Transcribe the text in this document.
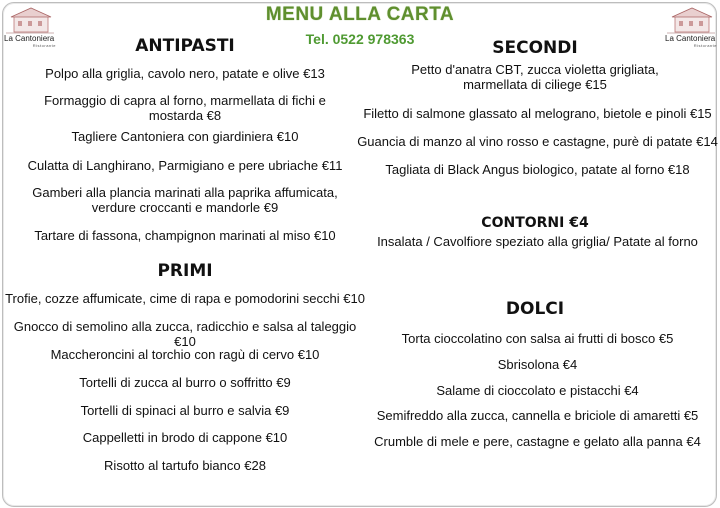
La Cantoniera
Ristorante
La Cantoniera
Ristorante
MENU ALLA CARTA
Tel. 0522 978363
ANTIPASTI
Polpo alla griglia, cavolo nero, patate e olive €13
Formaggio di capra al forno, marmellata di fichi e mostarda €8
Tagliere Cantoniera con giardiniera €10
Culatta di Langhirano, Parmigiano e pere ubriache €11
Gamberi alla plancia marinati alla paprika affumicata, verdure croccanti e mandorle €9
Tartare di fassona, champignon marinati al miso €10
PRIMI
Trofie, cozze affumicate, cime di rapa e pomodorini secchi €10
Gnocco di semolino alla zucca, radicchio e salsa al taleggio €10
Maccheroncini al torchio con ragù di cervo €10
Tortelli di zucca al burro o soffritto €9
Tortelli di spinaci al burro e salvia €9
Cappelletti in brodo di cappone €10
Risotto al tartufo bianco €28
SECONDI
Petto d'anatra CBT, zucca violetta grigliata, marmellata di ciliege €15
Filetto di salmone glassato al melograno, bietole e pinoli €15
Guancia di manzo al vino rosso e castagne, purè di patate €14
Tagliata di Black Angus biologico, patate al forno €18
CONTORNI €4
Insalata / Cavolfiore speziato alla griglia/ Patate al forno
DOLCI
Torta cioccolatino con salsa ai frutti di bosco €5
Sbrisolona €4
Salame di cioccolato e pistacchi €4
Semifreddo alla zucca, cannella e briciole di amaretti €5
Crumble di mele e pere, castagne e gelato alla panna €4
